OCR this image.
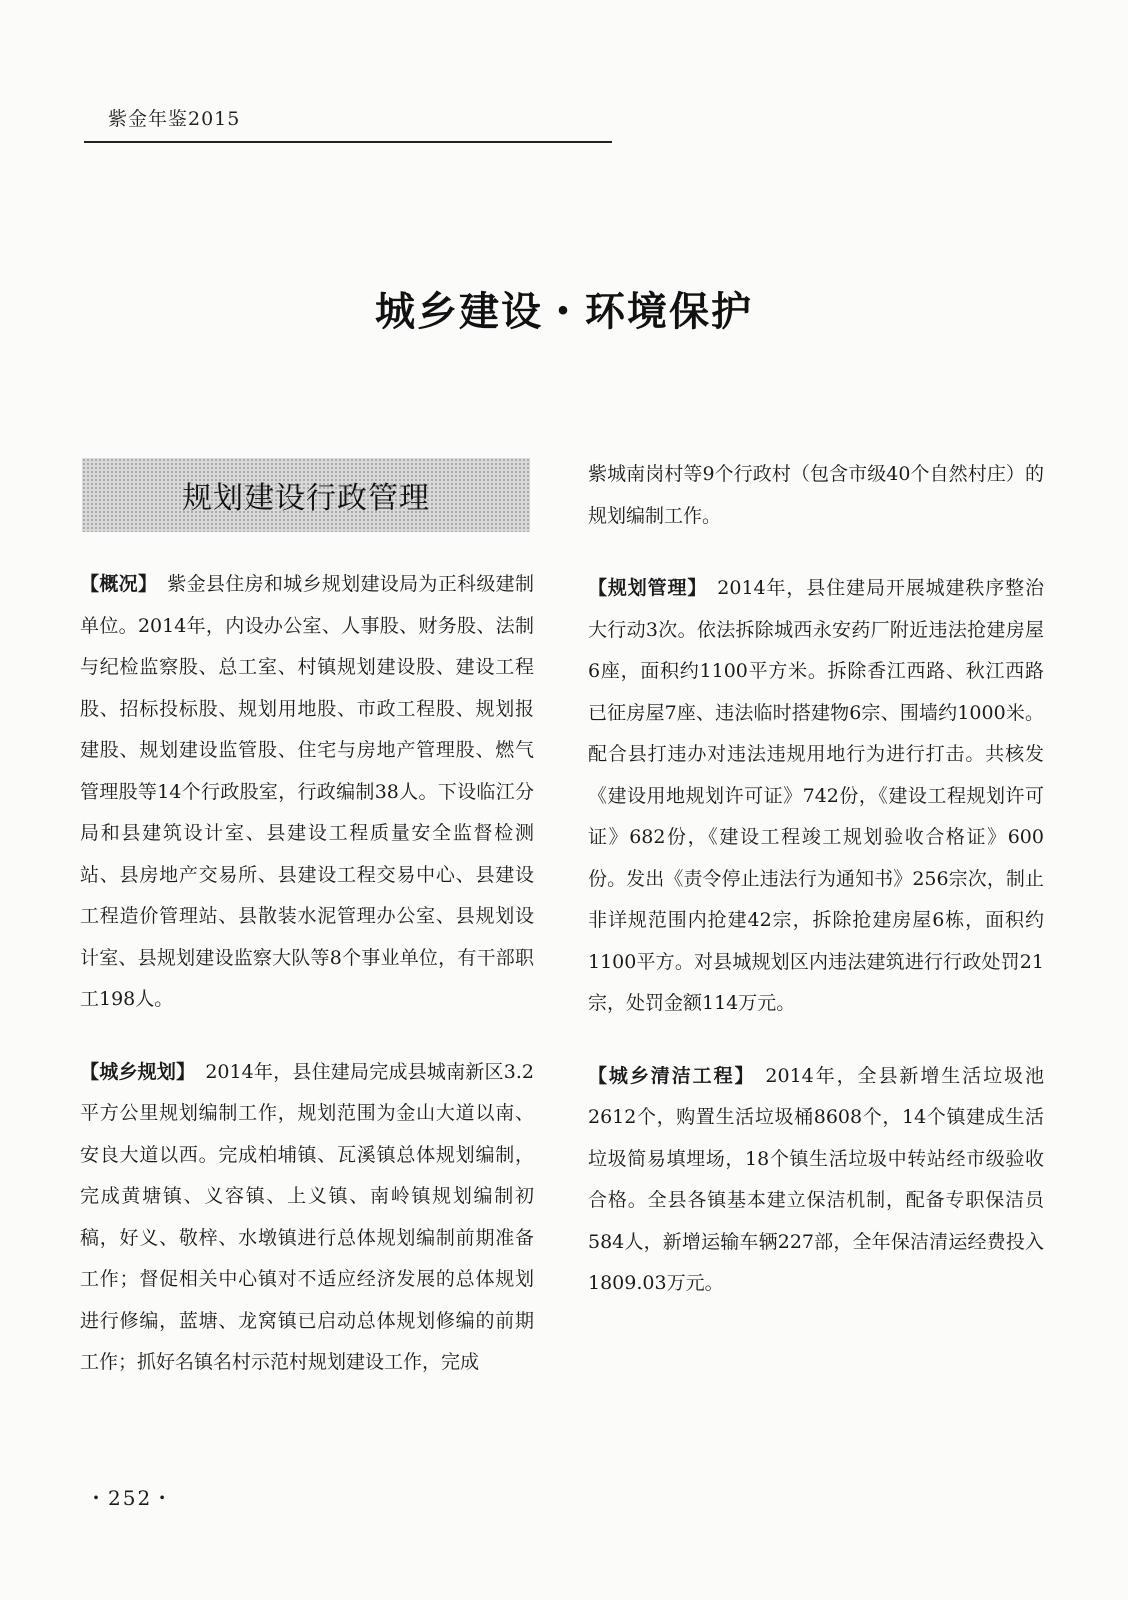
紫金年鉴2015
城乡建设・环境保护
规划建设行政管理

【概况】 紫金县住房和城乡规划建设局为正科级建制单位。2014年，内设办公室、人事股、财务股、法制与纪检监察股、总工室、村镇规划建设股、建设工程股、招标投标股、规划用地股、市政工程股、规划报建股、规划建设监管股、住宅与房地产管理股、燃气管理股等14个行政股室，行政编制38人。下设临江分局和县建筑设计室、县建设工程质量安全监督检测站、县房地产交易所、县建设工程交易中心、县建设工程造价管理站、县散装水泥管理办公室、县规划设计室、县规划建设监察大队等8个事业单位，有干部职工198人。

【城乡规划】 2014年，县住建局完成县城南新区3.2平方公里规划编制工作，规划范围为金山大道以南、安良大道以西。完成柏埔镇、瓦溪镇总体规划编制，完成黄塘镇、义容镇、上义镇、南岭镇规划编制初稿，好义、敬梓、水墩镇进行总体规划编制前期准备工作；督促相关中心镇对不适应经济发展的总体规划进行修编，蓝塘、龙窝镇已启动总体规划修编的前期工作；抓好名镇名村示范村规划建设工作，完成

紫城南岗村等9个行政村（包含市级40个自然村庄）的规划编制工作。

【规划管理】 2014年，县住建局开展城建秩序整治大行动3次。依法拆除城西永安药厂附近违法抢建房屋6座，面积约1100平方米。拆除香江西路、秋江西路已征房屋7座、违法临时搭建物6宗、围墙约1000米。配合县打违办对违法违规用地行为进行打击。共核发《建设用地规划许可证》742份，《建设工程规划许可证》682份，《建设工程竣工规划验收合格证》600份。发出《责令停止违法行为通知书》256宗次，制止非详规范围内抢建42宗，拆除抢建房屋6栋，面积约1100平方。对县城规划区内违法建筑进行行政处罚21宗，处罚金额114万元。

【城乡清洁工程】 2014年，全县新增生活垃圾池2612个，购置生活垃圾桶8608个，14个镇建成生活垃圾简易填埋场，18个镇生活垃圾中转站经市级验收合格。全县各镇基本建立保洁机制，配备专职保洁员584人，新增运输车辆227部，全年保洁清运经费投入1809.03万元。

・252・
